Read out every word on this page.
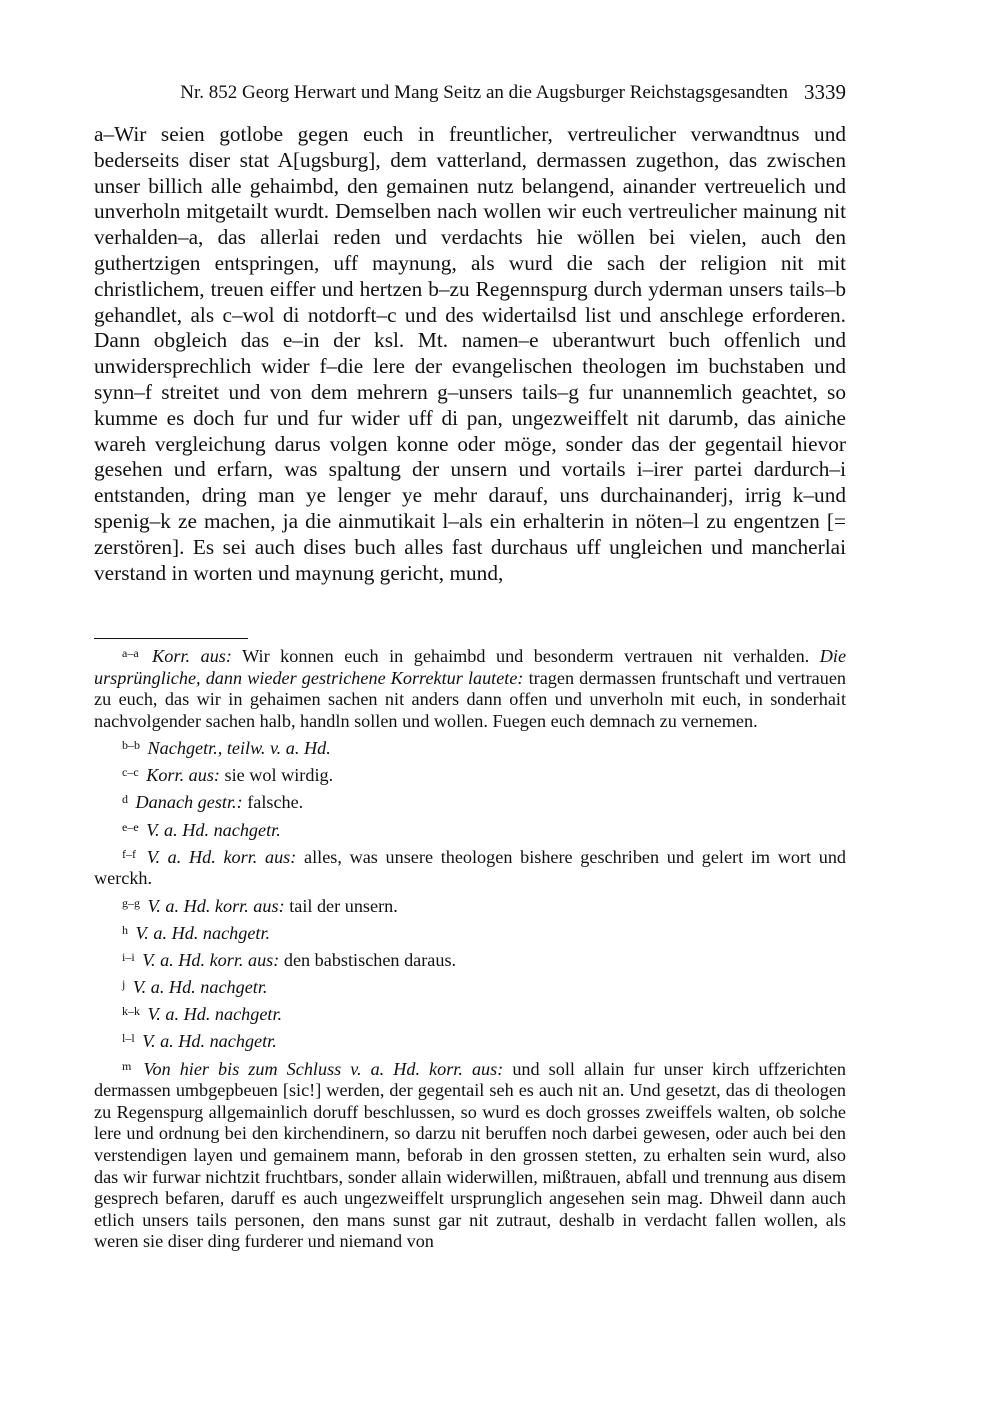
Nr. 852 Georg Herwart und Mang Seitz an die Augsburger Reichstagsgesandten 3339

a–Wir seien gotlobe gegen euch in freuntlicher, vertreulicher verwandtnus und bederseits diser stat A[ugsburg], dem vatterland, dermassen zugethon, das zwischen unser billich alle gehaimbd, den gemainen nutz belangend, ainander vertreuelich und unverholn mitgetailt wurdt. Demselben nach wollen wir euch vertreulicher mainung nit verhalden–a, das allerlai reden und verdachts hie wöllen bei vielen, auch den guthertzigen entspringen, uff maynung, als wurd die sach der religion nit mit christlichem, treuen eiffer und hertzen b–zu Regennspurg durch yderman unsers tails–b gehandlet, als c–wol di notdorft–c und des widertailsd list und anschlege erforderen. Dann obgleich das e–in der ksl. Mt. namen–e uberantwurt buch offenlich und unwidersprechlich wider f–die lere der evangelischen theologen im buchstaben und synn–f streitet und von dem mehrern g–unsers tails–g fur unannemlich geachtet, so kumme es doch fur und fur wider uff di pan, ungezweiffelt nit darumb, das ainiche wareh vergleichung darus volgen konne oder möge, sonder das der gegentail hievor gesehen und erfarn, was spaltung der unsern und vortails i–irer partei dardurch–i entstanden, dring man ye lenger ye mehr darauf, uns durchainanderj, irrig k–und spenig–k ze machen, ja die ainmutikait l–als ein erhalterin in nöten–l zu engentzen [= zerstören]. Es sei auch dises buch alles fast durchaus uff ungleichen und mancherlai verstand in worten und maynung gericht, mund,

$^{a-a}$ Korr. aus: Wir konnen euch in gehaimbd und besonderm vertrauen nit verhalden. Die ursprüngliche, dann wieder gestrichene Korrektur lautete: tragen dermassen fruntschaft und vertrauen zu euch, das wir in gehaimen sachen nit anders dann offen und unverholn mit euch, in sonderhait nachvolgender sachen halb, handln sollen und wollen. Fuegen euch demnach zu vernemen.

$^{b-b}$ Nachgetr., teilw. v. a. Hd.

$^{c-c}$ Korr. aus: sie wol wirdig.

$^d$ Danach gestr.: falsche.

$^{e-e}$ V. a. Hd. nachgetr.

$^{f-f}$ V. a. Hd. korr. aus: alles, was unsere theologen bishere geschriben und gelert im wort und werckh.

$^{g-g}$ V. a. Hd. korr. aus: tail der unsern.

$^h$ V. a. Hd. nachgetr.

$^{i-i}$ V. a. Hd. korr. aus: den babstischen daraus.

$^j$ V. a. Hd. nachgetr.

$^{k-k}$ V. a. Hd. nachgetr.

$^{l-l}$ V. a. Hd. nachgetr.

$^m$ Von hier bis zum Schluss v. a. Hd. korr. aus: und soll allain fur unser kirch uffzerichten dermassen umbgepbeuen [sic!] werden, der gegentail seh es auch nit an. Und gesetzt, das di theologen zu Regenspurg allgemainlich doruff beschlussen, so wurd es doch grosses zweiffels walten, ob solche lere und ordnung bei den kirchendinern, so darzu nit beruffen noch darbei gewesen, oder auch bei den verstendigen layen und gemainem mann, beforab in den grossen stetten, zu erhalten sein wurd, also das wir furwar nichtzit fruchtbars, sonder allain widerwillen, mißtrauen, abfall und trennung aus disem gesprech befaren, daruff es auch ungezweiffelt ursprunglich angesehen sein mag. Dhweil dann auch etlich unsers tails personen, den mans sunst gar nit zutraut, deshalb in verdacht fallen wollen, als weren sie diser ding furderer und niemand von
